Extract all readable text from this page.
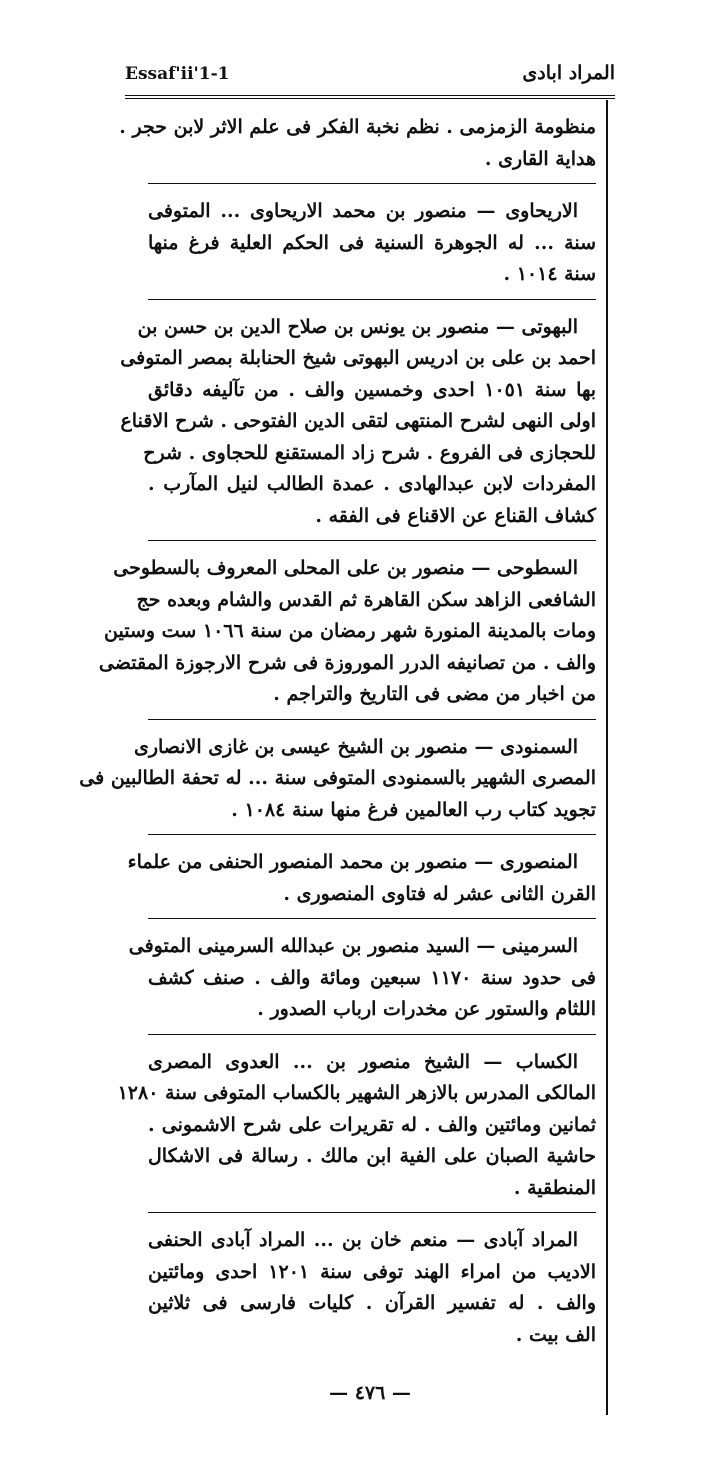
Essaf'ii'1-1	المراد ابادى
منظومة الزمزمى . نظم نخبة الفكر فى علم الاثر لابن حجر .
هداية القارى .
الاريحاوى — منصور بن محمد الاريحاوى ... المتوفى
سنة ... له الجوهرة السنية فى الحكم العلية فرغ منها
سنة ١٠١٤ .
البهوتى — منصور بن يونس بن صلاح الدين بن حسن بن
احمد بن على بن ادريس البهوتى شيخ الحنابلة بمصر المتوفى
بها سنة ١٠٥١ احدى وخمسين والف . من تآليفه دقائق
اولى النهى لشرح المنتهى لتقى الدين الفتوحى . شرح الاقناع
للحجازى فى الفروع . شرح زاد المستقنع للحجاوى . شرح
المفردات لابن عبدالهادى . عمدة الطالب لنيل المآرب .
كشاف القناع عن الاقناع فى الفقه .
السطوحى — منصور بن على المحلى المعروف بالسطوحى
الشافعى الزاهد سكن القاهرة ثم القدس والشام وبعده حج
ومات بالمدينة المنورة شهر رمضان من سنة ١٠٦٦ ست وستين
والف . من تصانيفه الدرر الموروزة فى شرح الارجوزة المقتضى
من اخبار من مضى فى التاريخ والتراجم .
السمنودى — منصور بن الشيخ عيسى بن غازى الانصارى
المصرى الشهير بالسمنودى المتوفى سنة ... له تحفة الطالبين فى
تجويد كتاب رب العالمين فرغ منها سنة ١٠٨٤ .
المنصورى — منصور بن محمد المنصور الحنفى من علماء
القرن الثانى عشر له فتاوى المنصورى .
السرمينى — السيد منصور بن عبدالله السرمينى المتوفى
فى حدود سنة ١١٧٠ سبعين ومائة والف . صنف كشف
اللثام والستور عن مخدرات ارباب الصدور .
الكساب — الشيخ منصور بن ... العدوى المصرى
المالكى المدرس بالازهر الشهير بالكساب المتوفى سنة ١٢٨٠
ثمانين ومائتين والف . له تقريرات على شرح الاشمونى .
حاشية الصبان على الفية ابن مالك . رسالة فى الاشكال
المنطقية .
المراد آبادى — منعم خان بن ... المراد آبادى الحنفى
الاديب من امراء الهند توفى سنة ١٢٠١ احدى ومائتين
والف . له تفسير القرآن . كليات فارسى فى ثلاثين
الف بيت .
— ٤٧٦ —
